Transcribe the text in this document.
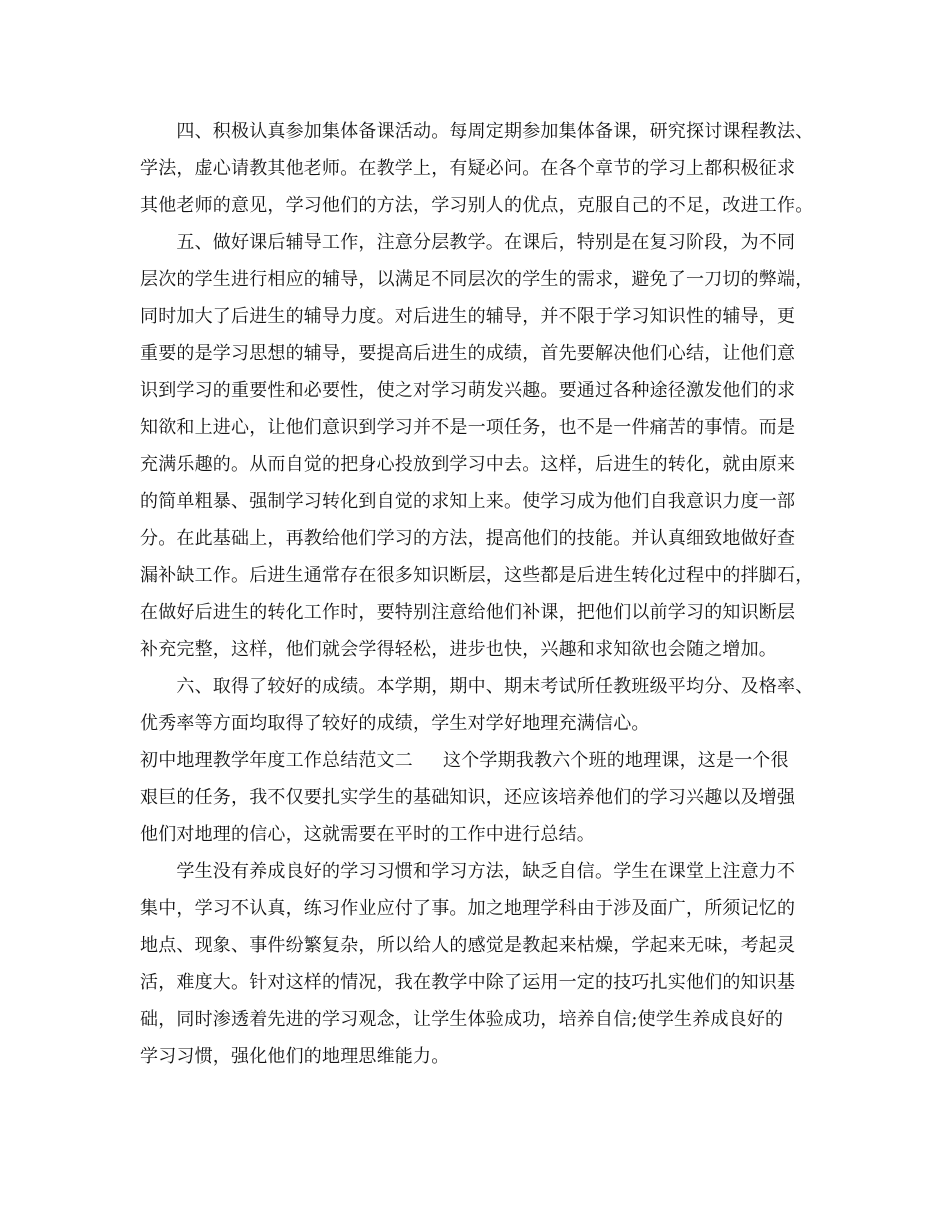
　　四、积极认真参加集体备课活动。每周定期参加集体备课，研究探讨课程教法、
学法，虚心请教其他老师。在教学上，有疑必问。在各个章节的学习上都积极征求
其他老师的意见，学习他们的方法，学习别人的优点，克服自己的不足，改进工作。
　　五、做好课后辅导工作，注意分层教学。在课后，特别是在复习阶段，为不同
层次的学生进行相应的辅导，以满足不同层次的学生的需求，避免了一刀切的弊端，
同时加大了后进生的辅导力度。对后进生的辅导，并不限于学习知识性的辅导，更
重要的是学习思想的辅导，要提高后进生的成绩，首先要解决他们心结，让他们意
识到学习的重要性和必要性，使之对学习萌发兴趣。要通过各种途径激发他们的求
知欲和上进心，让他们意识到学习并不是一项任务，也不是一件痛苦的事情。而是
充满乐趣的。从而自觉的把身心投放到学习中去。这样，后进生的转化，就由原来
的简单粗暴、强制学习转化到自觉的求知上来。使学习成为他们自我意识力度一部
分。在此基础上，再教给他们学习的方法，提高他们的技能。并认真细致地做好查
漏补缺工作。后进生通常存在很多知识断层，这些都是后进生转化过程中的拌脚石，
在做好后进生的转化工作时，要特别注意给他们补课，把他们以前学习的知识断层
补充完整，这样，他们就会学得轻松，进步也快，兴趣和求知欲也会随之增加。
　　六、取得了较好的成绩。本学期，期中、期末考试所任教班级平均分、及格率、
优秀率等方面均取得了较好的成绩，学生对学好地理充满信心。
初中地理教学年度工作总结范文二 这个学期我教六个班的地理课，这是一个很
艰巨的任务，我不仅要扎实学生的基础知识，还应该培养他们的学习兴趣以及增强
他们对地理的信心，这就需要在平时的工作中进行总结。
　　学生没有养成良好的学习习惯和学习方法，缺乏自信。学生在课堂上注意力不
集中，学习不认真，练习作业应付了事。加之地理学科由于涉及面广，所须记忆的
地点、现象、事件纷繁复杂，所以给人的感觉是教起来枯燥，学起来无味，考起灵
活，难度大。针对这样的情况，我在教学中除了运用一定的技巧扎实他们的知识基
础，同时渗透着先进的学习观念，让学生体验成功，培养自信;使学生养成良好的
学习习惯，强化他们的地理思维能力。
